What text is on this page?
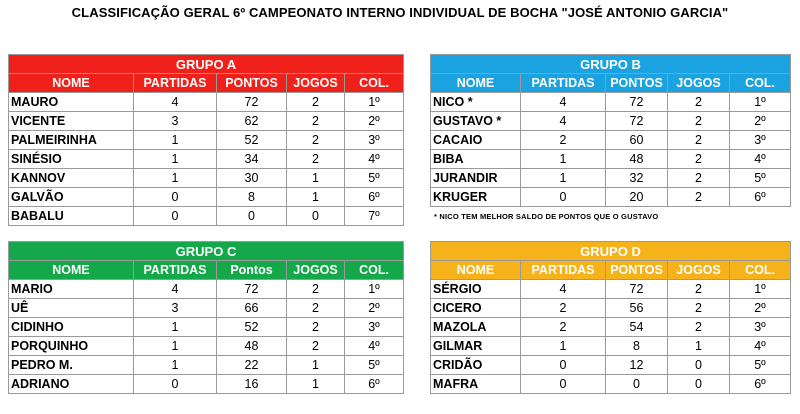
CLASSIFICAÇÃO GERAL 6º CAMPEONATO INTERNO INDIVIDUAL DE BOCHA "JOSÉ ANTONIO GARCIA"
GRUPO A				
NOME	PARTIDAS	PONTOS	JOGOS	COL.
MAURO	4	72	2	1º
VICENTE	3	62	2	2º
PALMEIRINHA	1	52	2	3º
SINÉSIO	1	34	2	4º
KANNOV	1	30	1	5º
GALVÃO	0	8	1	6º
BABALU	0	0	0	7º
GRUPO B				
NOME	PARTIDAS	PONTOS	JOGOS	COL.
NICO *	4	72	2	1º
GUSTAVO *	4	72	2	2º
CACAIO	2	60	2	3º
BIBA	1	48	2	4º
JURANDIR	1	32	2	5º
KRUGER	0	20	2	6º
* NICO TEM MELHOR SALDO DE PONTOS QUE O GUSTAVO
GRUPO C				
NOME	PARTIDAS	Pontos	JOGOS	COL.
MARIO	4	72	2	1º
UÊ	3	66	2	2º
CIDINHO	1	52	2	3º
PORQUINHO	1	48	2	4º
PEDRO M.	1	22	1	5º
ADRIANO	0	16	1	6º
GRUPO D				
NOME	PARTIDAS	PONTOS	JOGOS	COL.
SÉRGIO	4	72	2	1º
CICERO	2	56	2	2º
MAZOLA	2	54	2	3º
GILMAR	1	8	1	4º
CRIDÃO	0	12	0	5º
MAFRA	0	0	0	6º
